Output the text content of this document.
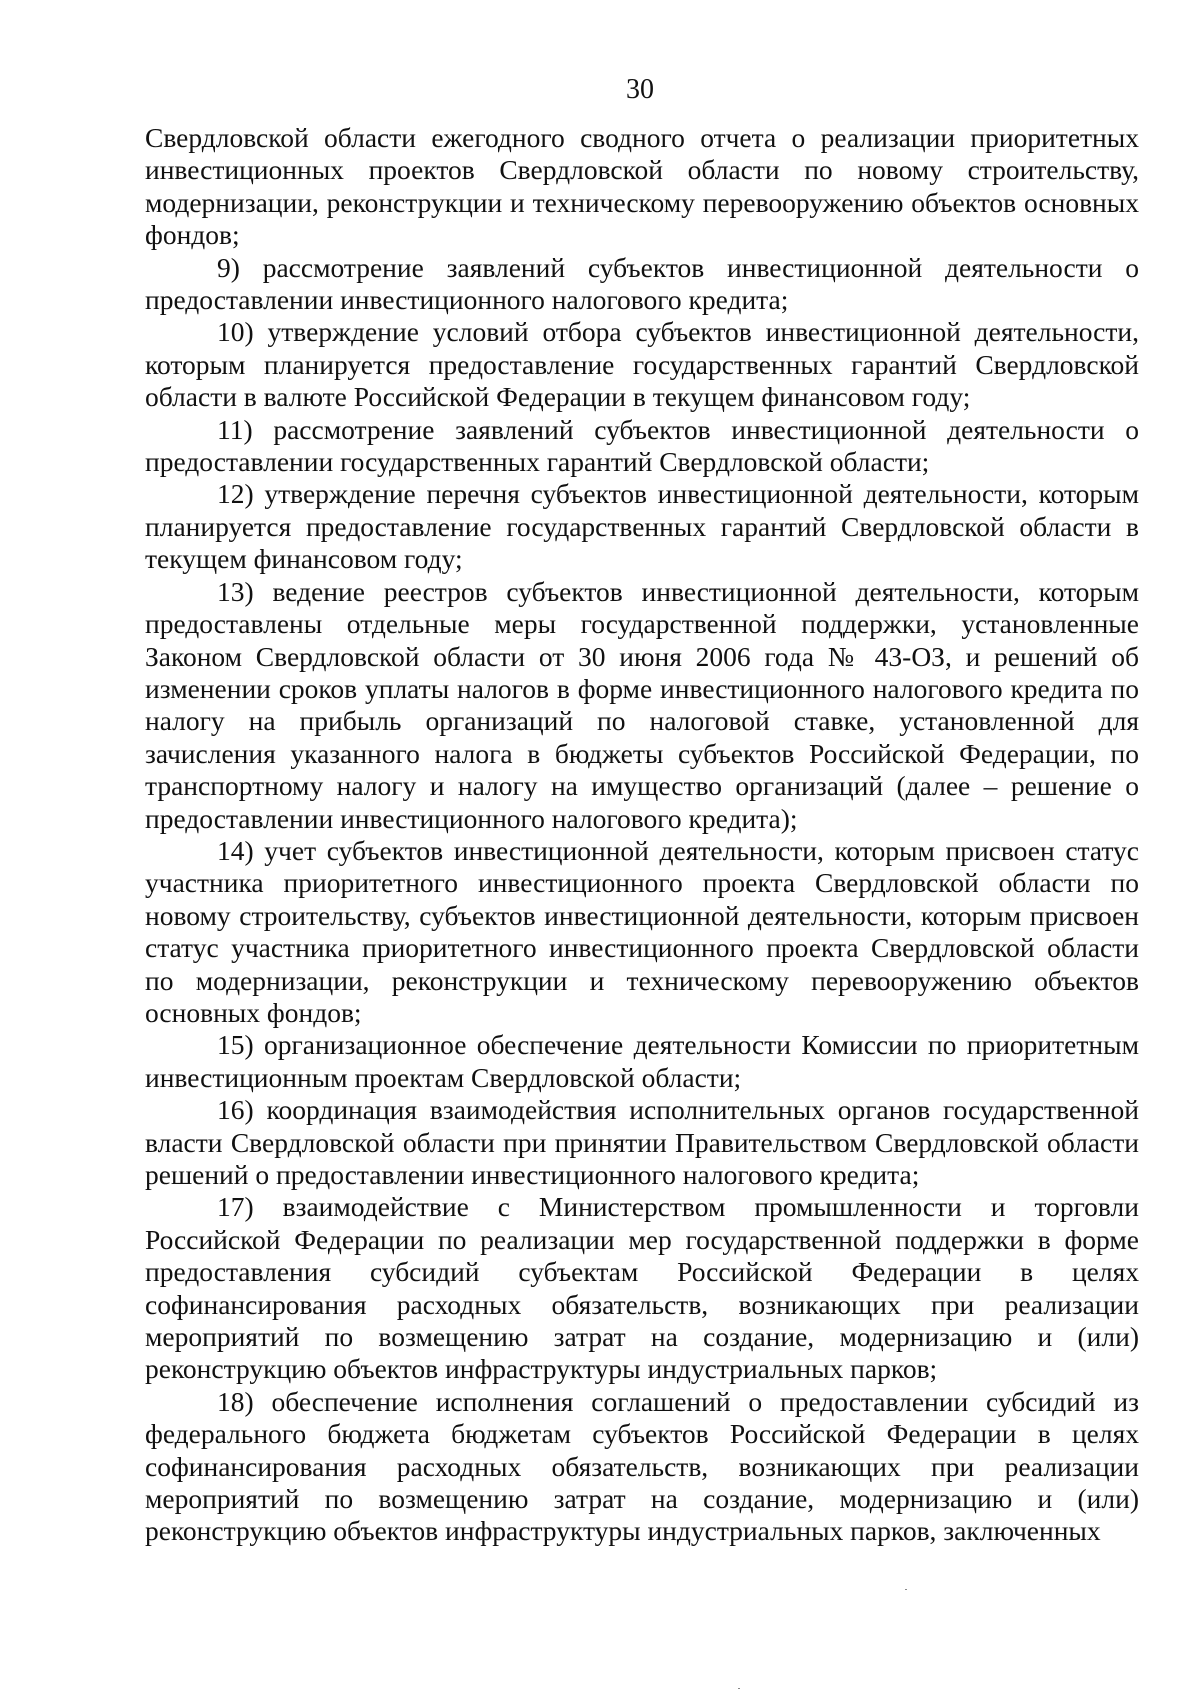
30

Свердловской области ежегодного сводного отчета о реализации приоритетных инвестиционных проектов Свердловской области по новому строительству, модернизации, реконструкции и техническому перевооружению объектов основных фондов;

9) рассмотрение заявлений субъектов инвестиционной деятельности о предоставлении инвестиционного налогового кредита;

10) утверждение условий отбора субъектов инвестиционной деятельности, которым планируется предоставление государственных гарантий Свердловской области в валюте Российской Федерации в текущем финансовом году;

11) рассмотрение заявлений субъектов инвестиционной деятельности о предоставлении государственных гарантий Свердловской области;

12) утверждение перечня субъектов инвестиционной деятельности, которым планируется предоставление государственных гарантий Свердловской области в текущем финансовом году;

13) ведение реестров субъектов инвестиционной деятельности, которым предоставлены отдельные меры государственной поддержки, установленные Законом Свердловской области от 30 июня 2006 года № 43-ОЗ, и решений об изменении сроков уплаты налогов в форме инвестиционного налогового кредита по налогу на прибыль организаций по налоговой ставке, установленной для зачисления указанного налога в бюджеты субъектов Российской Федерации, по транспортному налогу и налогу на имущество организаций (далее – решение о предоставлении инвестиционного налогового кредита);

14) учет субъектов инвестиционной деятельности, которым присвоен статус участника приоритетного инвестиционного проекта Свердловской области по новому строительству, субъектов инвестиционной деятельности, которым присвоен статус участника приоритетного инвестиционного проекта Свердловской области по модернизации, реконструкции и техническому перевооружению объектов основных фондов;

15) организационное обеспечение деятельности Комиссии по приоритетным инвестиционным проектам Свердловской области;

16) координация взаимодействия исполнительных органов государственной власти Свердловской области при принятии Правительством Свердловской области решений о предоставлении инвестиционного налогового кредита;

17) взаимодействие с Министерством промышленности и торговли Российской Федерации по реализации мер государственной поддержки в форме предоставления субсидий субъектам Российской Федерации в целях софинансирования расходных обязательств, возникающих при реализации мероприятий по возмещению затрат на создание, модернизацию и (или) реконструкцию объектов инфраструктуры индустриальных парков;

18) обеспечение исполнения соглашений о предоставлении субсидий из федерального бюджета бюджетам субъектов Российской Федерации в целях софинансирования расходных обязательств, возникающих при реализации мероприятий по возмещению затрат на создание, модернизацию и (или) реконструкцию объектов инфраструктуры индустриальных парков, заключенных
